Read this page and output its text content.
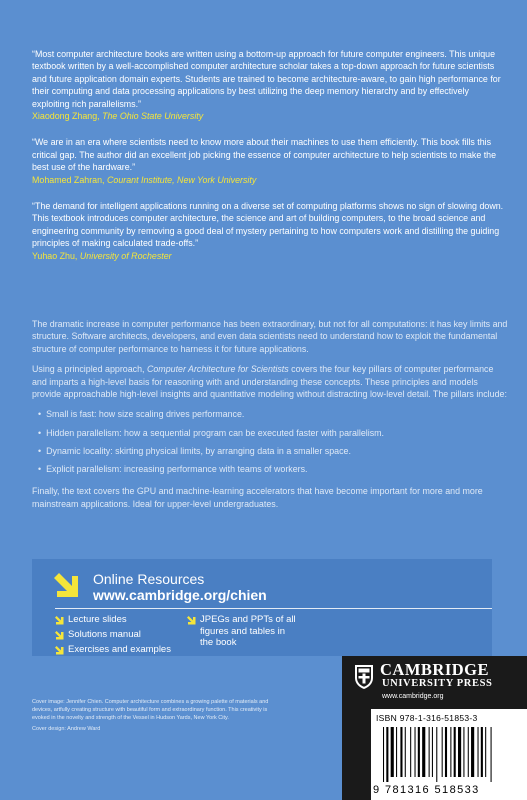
“Most computer architecture books are written using a bottom-up approach for future computer engineers. This unique textbook written by a well-accomplished computer architecture scholar takes a top-down approach for future scientists and future application domain experts. Students are trained to become architecture-aware, to gain high performance for their computing and data processing applications by best utilizing the deep memory hierarchy and by effectively exploiting rich parallelisms.”
Xiaodong Zhang, The Ohio State University
“We are in an era where scientists need to know more about their machines to use them efficiently. This book fills this critical gap. The author did an excellent job picking the essence of computer architecture to help scientists to make the best use of the hardware.”
Mohamed Zahran, Courant Institute, New York University
“The demand for intelligent applications running on a diverse set of computing platforms shows no sign of slowing down. This textbook introduces computer architecture, the science and art of building computers, to the broad science and engineering community by removing a good deal of mystery pertaining to how computers work and distilling the guiding principles of making calculated trade-offs.”
Yuhao Zhu, University of Rochester

The dramatic increase in computer performance has been extraordinary, but not for all computations: it has key limits and structure. Software architects, developers, and even data scientists need to understand how to exploit the fundamental structure of computer performance to harness it for future applications.

Using a principled approach, Computer Architecture for Scientists covers the four key pillars of computer performance and imparts a high-level basis for reasoning with and understanding these concepts. These principles and models provide approachable high-level insights and quantitative modeling without distracting low-level detail. The pillars include:

• Small is fast: how size scaling drives performance.
• Hidden parallelism: how a sequential program can be executed faster with parallelism.
• Dynamic locality: skirting physical limits, by arranging data in a smaller space.
• Explicit parallelism: increasing performance with teams of workers.

Finally, the text covers the GPU and machine-learning accelerators that have become important for more and more mainstream applications. Ideal for upper-level undergraduates.

Online Resources
www.cambridge.org/chien
Lecture slides
Solutions manual
Exercises and examples
JPEGs and PPTs of all figures and tables in the book

Cover image: Jennifer Chien. Computer architecture combines a growing palette of materials and devices, artfully creating structure with beautiful form and extraordinary function. This creativity is evoked in the novelty and strength of the Vessel in Hudson Yards, New York City.

Cover design: Andrew Ward

CAMBRIDGE
UNIVERSITY PRESS
www.cambridge.org
ISBN 978-1-316-51853-3
9 781316 518533
